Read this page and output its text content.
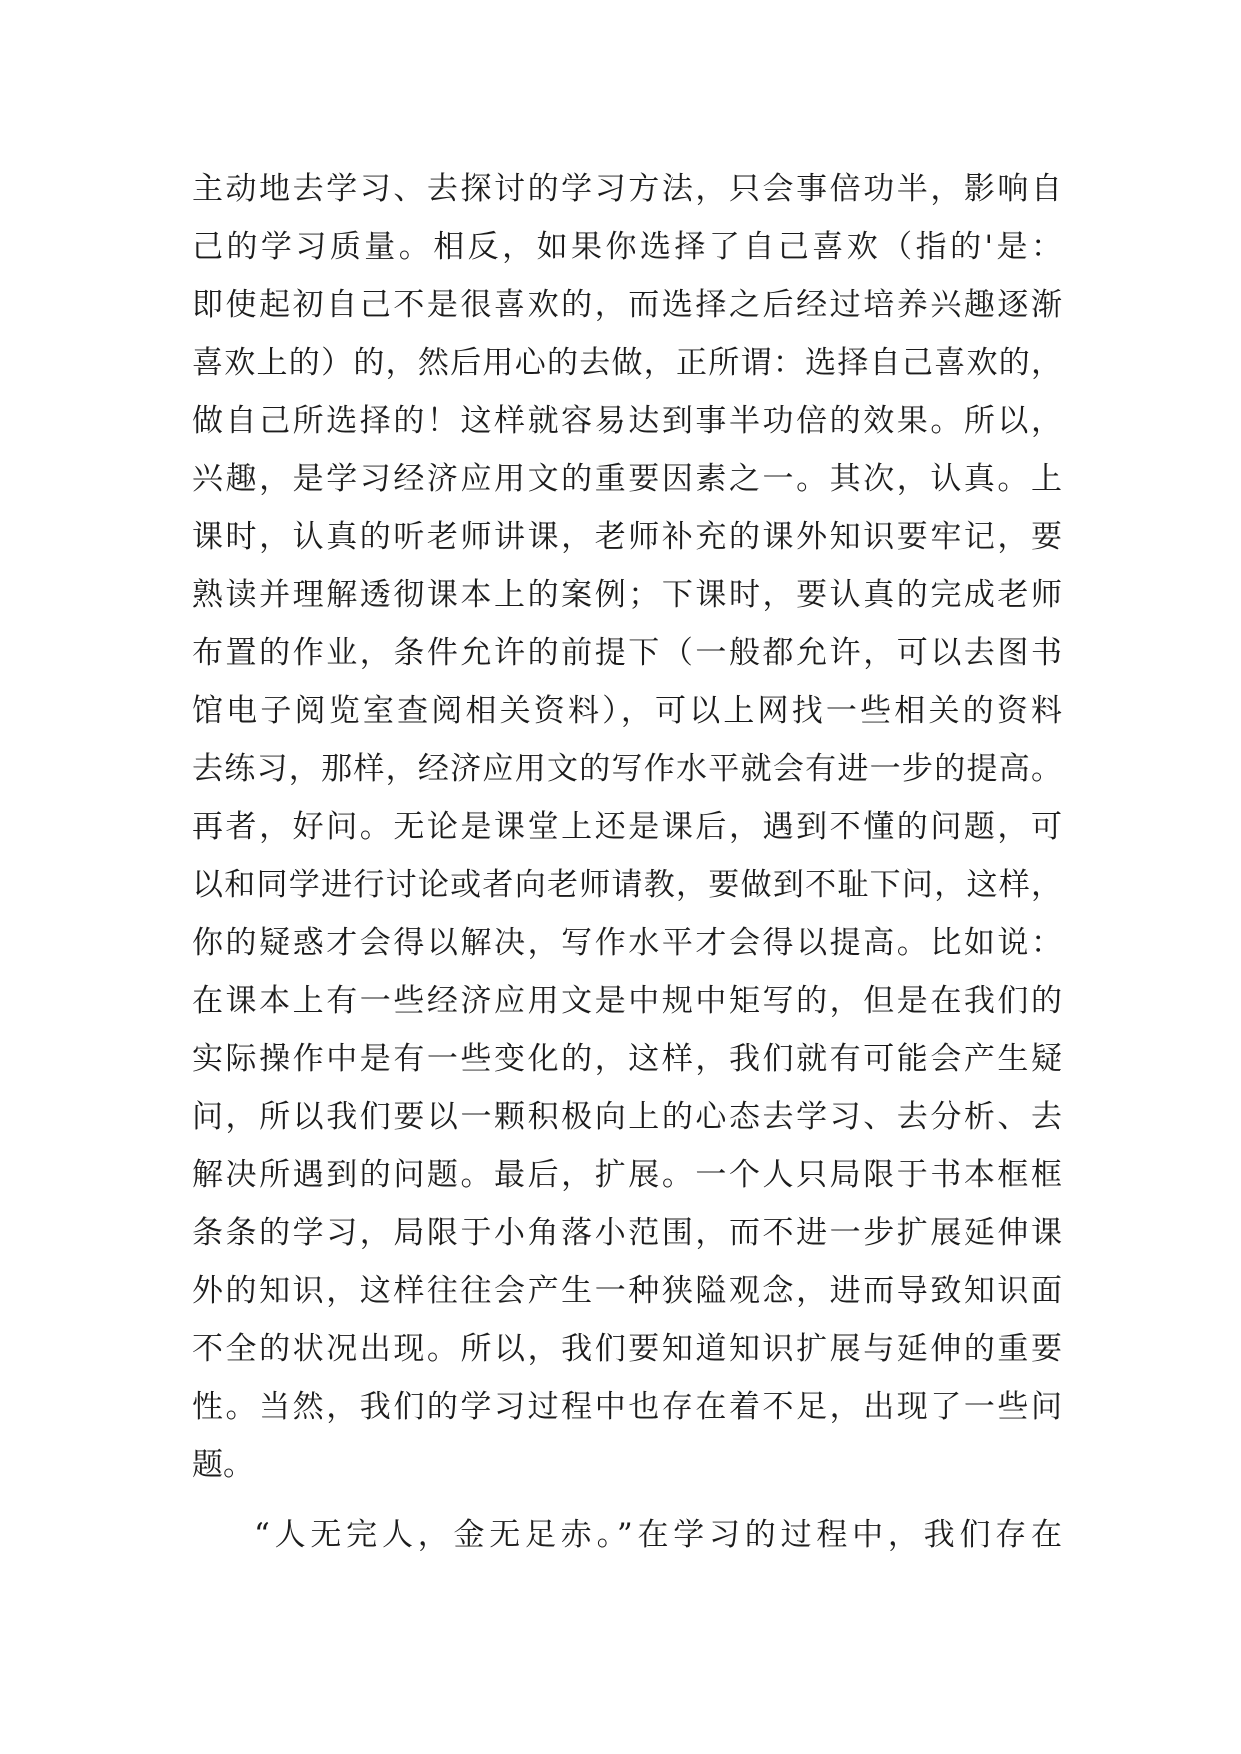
主动地去学习、去探讨的学习方法，只会事倍功半，影响自
己的学习质量。相反，如果你选择了自己喜欢（指的'是：
即使起初自己不是很喜欢的，而选择之后经过培养兴趣逐渐
喜欢上的）的，然后用心的去做，正所谓：选择自己喜欢的，
做自己所选择的！这样就容易达到事半功倍的效果。所以，
兴趣，是学习经济应用文的重要因素之一。其次，认真。上
课时，认真的听老师讲课，老师补充的课外知识要牢记，要
熟读并理解透彻课本上的案例；下课时，要认真的完成老师
布置的作业，条件允许的前提下（一般都允许，可以去图书
馆电子阅览室查阅相关资料），可以上网找一些相关的资料
去练习，那样，经济应用文的写作水平就会有进一步的提高。
再者，好问。无论是课堂上还是课后，遇到不懂的问题，可
以和同学进行讨论或者向老师请教，要做到不耻下问，这样，
你的疑惑才会得以解决，写作水平才会得以提高。比如说：
在课本上有一些经济应用文是中规中矩写的，但是在我们的
实际操作中是有一些变化的，这样，我们就有可能会产生疑
问，所以我们要以一颗积极向上的心态去学习、去分析、去
解决所遇到的问题。最后，扩展。一个人只局限于书本框框
条条的学习，局限于小角落小范围，而不进一步扩展延伸课
外的知识，这样往往会产生一种狭隘观念，进而导致知识面
不全的状况出现。所以，我们要知道知识扩展与延伸的重要
性。当然，我们的学习过程中也存在着不足，出现了一些问
题。
“人无完人，金无足赤。”在学习的过程中，我们存在
